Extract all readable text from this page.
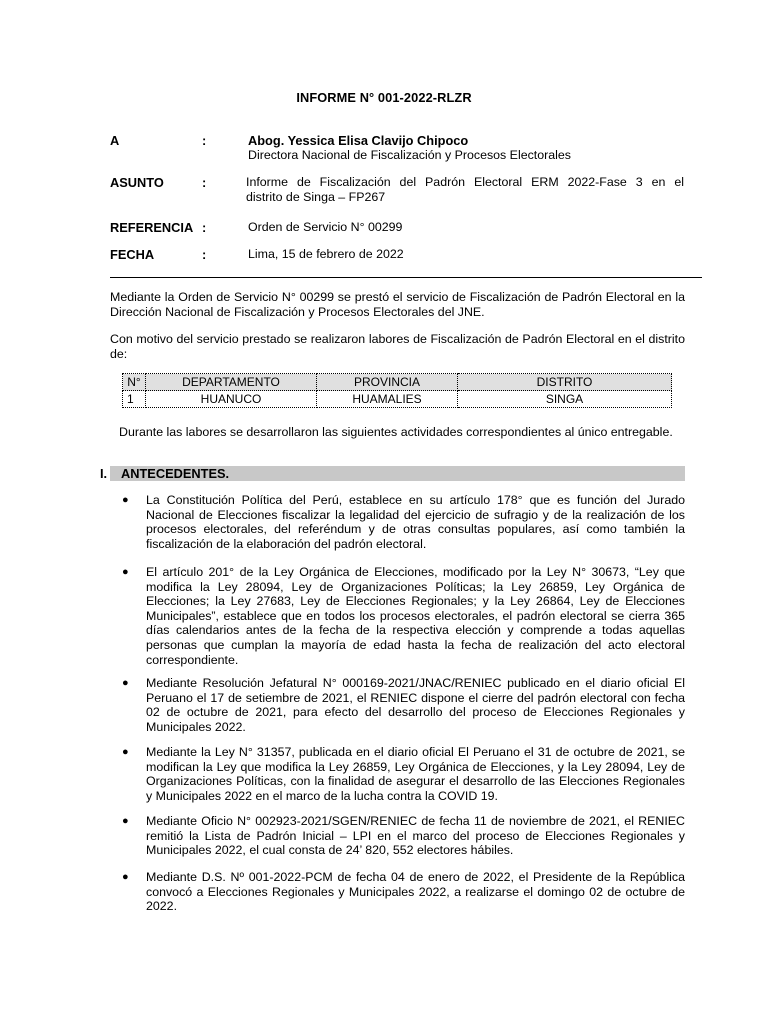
INFORME N° 001-2022-RLZR
A	:	Abog. Yessica Elisa Clavijo Chipoco
Directora Nacional de Fiscalización y Procesos Electorales
ASUNTO	:	Informe de Fiscalización del Padrón Electoral ERM 2022-Fase 3 en el
distrito de Singa – FP267
REFERENCIA :	Orden de Servicio N° 00299
FECHA	:	Lima, 15 de febrero de 2022
Mediante la Orden de Servicio N° 00299 se prestó el servicio de Fiscalización de Padrón Electoral en la Dirección Nacional de Fiscalización y Procesos Electorales del JNE.
Con motivo del servicio prestado se realizaron labores de Fiscalización de Padrón Electoral en el distrito de:
N°	DEPARTAMENTO	PROVINCIA	DISTRITO
1	HUANUCO	HUAMALIES	SINGA
Durante las labores se desarrollaron las siguientes actividades correspondientes al único entregable.
I. ANTECEDENTES.
● La Constitución Política del Perú, establece en su artículo 178° que es función del Jurado Nacional de Elecciones fiscalizar la legalidad del ejercicio de sufragio y de la realización de los procesos electorales, del referéndum y de otras consultas populares, así como también la fiscalización de la elaboración del padrón electoral.
● El artículo 201° de la Ley Orgánica de Elecciones, modificado por la Ley N° 30673, “Ley que modifica la Ley 28094, Ley de Organizaciones Políticas; la Ley 26859, Ley Orgánica de Elecciones; la Ley 27683, Ley de Elecciones Regionales; y la Ley 26864, Ley de Elecciones Municipales”, establece que en todos los procesos electorales, el padrón electoral se cierra 365 días calendarios antes de la fecha de la respectiva elección y comprende a todas aquellas personas que cumplan la mayoría de edad hasta la fecha de realización del acto electoral correspondiente.
● Mediante Resolución Jefatural N° 000169-2021/JNAC/RENIEC publicado en el diario oficial El Peruano el 17 de setiembre de 2021, el RENIEC dispone el cierre del padrón electoral con fecha 02 de octubre de 2021, para efecto del desarrollo del proceso de Elecciones Regionales y Municipales 2022.
● Mediante la Ley N° 31357, publicada en el diario oficial El Peruano el 31 de octubre de 2021, se modifican la Ley que modifica la Ley 26859, Ley Orgánica de Elecciones, y la Ley 28094, Ley de Organizaciones Políticas, con la finalidad de asegurar el desarrollo de las Elecciones Regionales y Municipales 2022 en el marco de la lucha contra la COVID 19.
● Mediante Oficio N° 002923-2021/SGEN/RENIEC de fecha 11 de noviembre de 2021, el RENIEC remitió la Lista de Padrón Inicial – LPI en el marco del proceso de Elecciones Regionales y Municipales 2022, el cual consta de 24’ 820, 552 electores hábiles.
● Mediante D.S. Nº 001-2022-PCM de fecha 04 de enero de 2022, el Presidente de la República convocó a Elecciones Regionales y Municipales 2022, a realizarse el domingo 02 de octubre de 2022.
